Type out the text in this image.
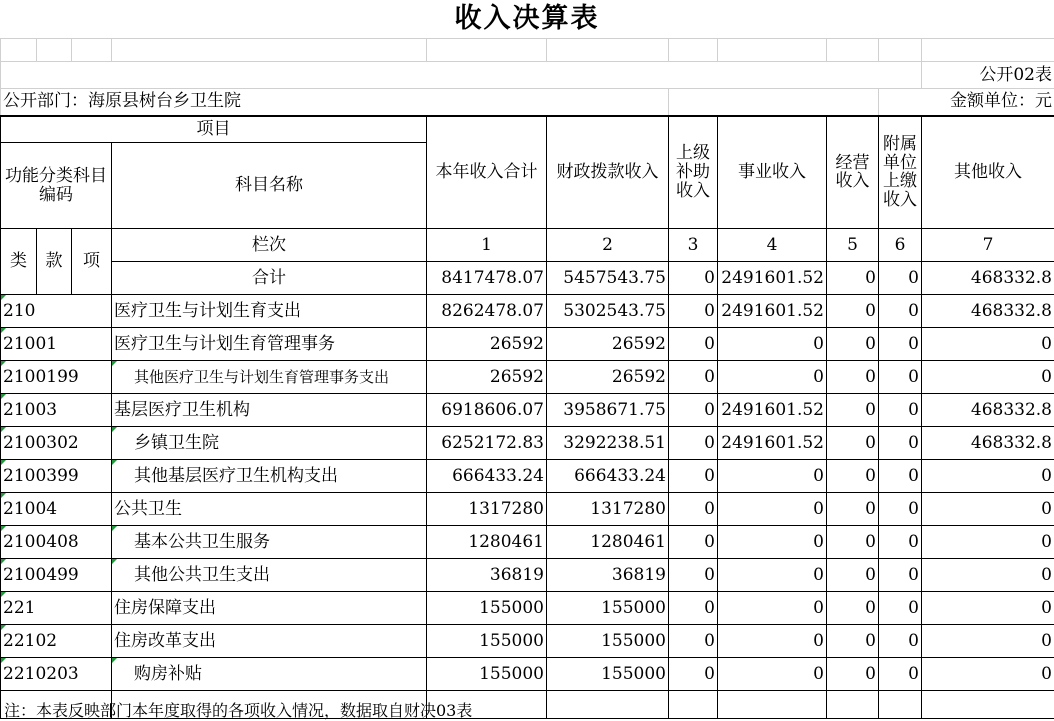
收入决算表

										公开02表
公开部门：海原县树台乡卫生院									金额单位：元	
项目				本年收入合计	财政拨款收入	上级补助收入	事业收入	经营收入	附属单位上缴收入	其他收入
功能分类科目编码			科目名称							
类	款	项	栏次	1	2	3	4	5	6	7
			合计	8417478.07	5457543.75	0	2491601.52	0	0	468332.8
210			医疗卫生与计划生育支出	8262478.07	5302543.75	0	2491601.52	0	0	468332.8
21001			医疗卫生与计划生育管理事务	26592	26592	0	0	0	0	0
2100199			其他医疗卫生与计划生育管理事务支出	26592	26592	0	0	0	0	0
21003			基层医疗卫生机构	6918606.07	3958671.75	0	2491601.52	0	0	468332.8
2100302			乡镇卫生院	6252172.83	3292238.51	0	2491601.52	0	0	468332.8
2100399			其他基层医疗卫生机构支出	666433.24	666433.24	0	0	0	0	0
21004			公共卫生	1317280	1317280	0	0	0	0	0
2100408			基本公共卫生服务	1280461	1280461	0	0	0	0	0
2100499			其他公共卫生支出	36819	36819	0	0	0	0	0
221			住房保障支出	155000	155000	0	0	0	0	0
22102			住房改革支出	155000	155000	0	0	0	0	0
2210203			购房补贴	155000	155000	0	0	0	0	0

注：本表反映部门本年度取得的各项收入情况，数据取自财决03表
